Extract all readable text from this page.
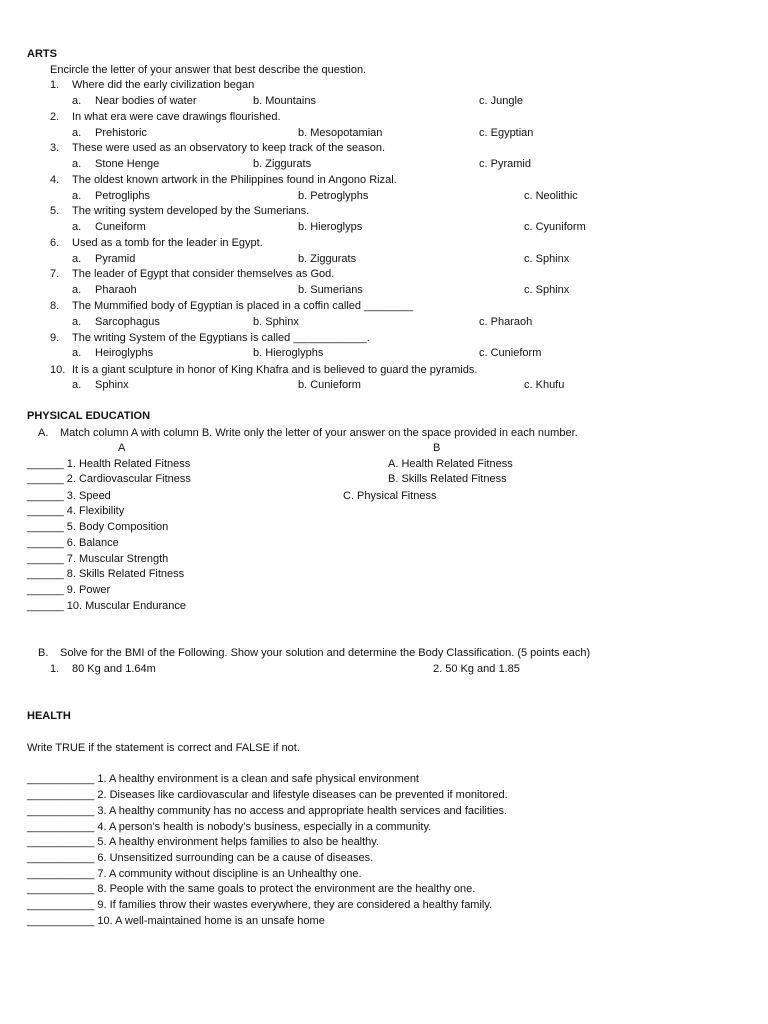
ARTS
Encircle the letter of your answer that best describe the question.
1. Where did the early civilization began
a. Near bodies of water	b. Mountains	c. Jungle
2. In what era were cave drawings flourished.
a. Prehistoric	b. Mesopotamian	c. Egyptian
3. These were used as an observatory to keep track of the season.
a. Stone Henge	b. Ziggurats	c. Pyramid
4. The oldest known artwork in the Philippines found in Angono Rizal.
a. Petrogliphs	b. Petroglyphs	c. Neolithic
5. The writing system developed by the Sumerians.
a. Cuneiform	b. Hieroglyps	c. Cyuniform
6. Used as a tomb for the leader in Egypt.
a. Pyramid	b. Ziggurats	c. Sphinx
7. The leader of Egypt that consider themselves as God.
a. Pharaoh	b. Sumerians	c. Sphinx
8. The Mummified body of Egyptian is placed in a coffin called ________
a. Sarcophagus	b. Sphinx	c. Pharaoh
9. The writing System of the Egyptians is called ____________.
a. Heiroglyphs	b. Hieroglyphs	c. Cunieform
10. It is a giant sculpture in honor of King Khafra and is believed to guard the pyramids.
a. Sphinx	b. Cunieform	c. Khufu
PHYSICAL EDUCATION
A. Match column A with column B. Write only the letter of your answer on the space provided in each number.
A	B
______ 1. Health Related Fitness
______ 2. Cardiovascular Fitness
______ 3. Speed
______ 4. Flexibility
______ 5. Body Composition
______ 6. Balance
______ 7. Muscular Strength
______ 8. Skills Related Fitness
______ 9. Power
______ 10. Muscular Endurance
A. Health Related Fitness
B. Skills Related Fitness
C. Physical Fitness
B. Solve for the BMI of the Following. Show your solution and determine the Body Classification. (5 points each)
1. 80 Kg and 1.64m	2. 50 Kg and 1.85
HEALTH
Write TRUE if the statement is correct and FALSE if not.
___________ 1. A healthy environment is a clean and safe physical environment
___________ 2. Diseases like cardiovascular and lifestyle diseases can be prevented if monitored.
___________ 3. A healthy community has no access and appropriate health services and facilities.
___________ 4. A person’s health is nobody’s business, especially in a community.
___________ 5. A healthy environment helps families to also be healthy.
___________ 6. Unsensitized surrounding can be a cause of diseases.
___________ 7. A community without discipline is an Unhealthy one.
___________ 8. People with the same goals to protect the environment are the healthy one.
___________ 9. If families throw their wastes everywhere, they are considered a healthy family.
___________ 10. A well-maintained home is an unsafe home
